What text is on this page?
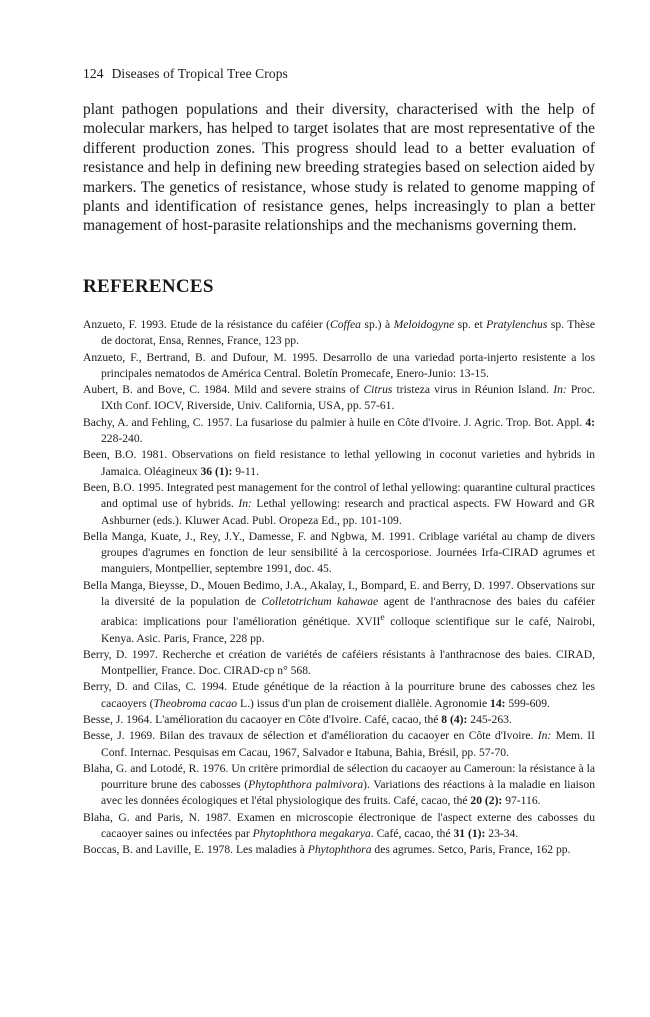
124 Diseases of Tropical Tree Crops

plant pathogen populations and their diversity, characterised with the help of molecular markers, has helped to target isolates that are most representative of the different production zones. This progress should lead to a better evaluation of resistance and help in defining new breeding strategies based on selection aided by markers. The genetics of resistance, whose study is related to genome mapping of plants and identification of resistance genes, helps increasingly to plan a better management of host-parasite relationships and the mechanisms governing them.

REFERENCES

Anzueto, F. 1993. Etude de la résistance du caféier (Coffea sp.) à Meloidogyne sp. et Pratylenchus sp. Thèse de doctorat, Ensa, Rennes, France, 123 pp.

Anzueto, F., Bertrand, B. and Dufour, M. 1995. Desarrollo de una variedad porta-injerto resistente a los principales nematodos de América Central. Boletín Promecafe, Enero-Junio: 13-15.

Aubert, B. and Bove, C. 1984. Mild and severe strains of Citrus tristeza virus in Réunion Island. In: Proc. IXth Conf. IOCV, Riverside, Univ. California, USA, pp. 57-61.

Bachy, A. and Fehling, C. 1957. La fusariose du palmier à huile en Côte d'Ivoire. J. Agric. Trop. Bot. Appl. 4: 228-240.

Been, B.O. 1981. Observations on field resistance to lethal yellowing in coconut varieties and hybrids in Jamaica. Oléagineux 36 (1): 9-11.

Been, B.O. 1995. Integrated pest management for the control of lethal yellowing: quarantine cultural practices and optimal use of hybrids. In: Lethal yellowing: research and practical aspects. FW Howard and GR Ashburner (eds.). Kluwer Acad. Publ. Oropeza Ed., pp. 101-109.

Bella Manga, Kuate, J., Rey, J.Y., Damesse, F. and Ngbwa, M. 1991. Criblage variétal au champ de divers groupes d'agrumes en fonction de leur sensibilité à la cercosporiose. Journées Irfa-CIRAD agrumes et manguiers, Montpellier, septembre 1991, doc. 45.

Bella Manga, Bieysse, D., Mouen Bedimo, J.A., Akalay, I., Bompard, E. and Berry, D. 1997. Observations sur la diversité de la population de Colletotrichum kahawae agent de l'anthracnose des baies du caféier arabica: implications pour l'amélioration génétique. XVIIe colloque scientifique sur le café, Nairobi, Kenya. Asic. Paris, France, 228 pp.

Berry, D. 1997. Recherche et création de variétés de caféiers résistants à l'anthracnose des baies. CIRAD, Montpellier, France. Doc. CIRAD-cp n° 568.

Berry, D. and Cilas, C. 1994. Etude génétique de la réaction à la pourriture brune des cabosses chez les cacaoyers (Theobroma cacao L.) issus d'un plan de croisement diallèle. Agronomie 14: 599-609.

Besse, J. 1964. L'amélioration du cacaoyer en Côte d'Ivoire. Café, cacao, thé 8 (4): 245-263.

Besse, J. 1969. Bilan des travaux de sélection et d'amélioration du cacaoyer en Côte d'Ivoire. In: Mem. II Conf. Internac. Pesquisas em Cacau, 1967, Salvador e Itabuna, Bahia, Brésil, pp. 57-70.

Blaha, G. and Lotodé, R. 1976. Un critère primordial de sélection du cacaoyer au Cameroun: la résistance à la pourriture brune des cabosses (Phytophthora palmivora). Variations des réactions à la maladie en liaison avec les données écologiques et l'étal physiologique des fruits. Café, cacao, thé 20 (2): 97-116.

Blaha, G. and Paris, N. 1987. Examen en microscopie électronique de l'aspect externe des cabosses du cacaoyer saines ou infectées par Phytophthora megakarya. Café, cacao, thé 31 (1): 23-34.

Boccas, B. and Laville, E. 1978. Les maladies à Phytophthora des agrumes. Setco, Paris, France, 162 pp.
